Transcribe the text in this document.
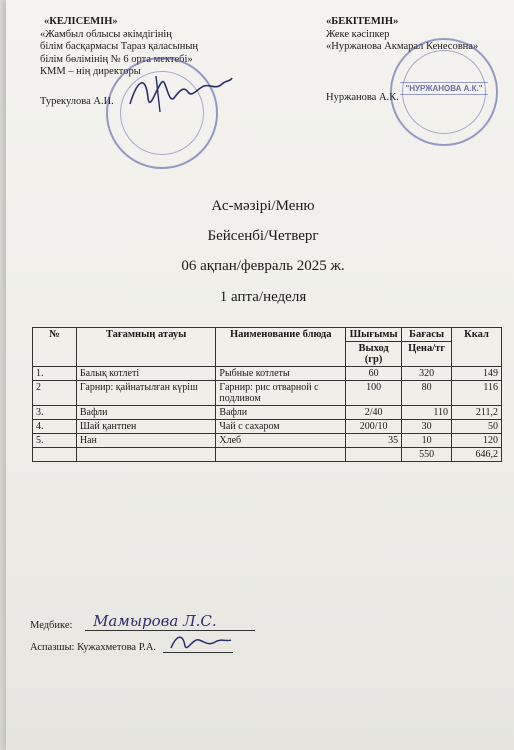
«КЕЛІСЕМІН»
«Жамбыл облысы әкімдігінің
білім басқармасы Тараз қаласының
білім бөлімінің № 6 орта мектебі»
КММ – нің директоры
Турекулова А.И.
«БЕКІТЕМІН»
Жеке кәсіпкер
«Нуржанова Акмарал Кенесовна»
Нуржанова А.К.
"НУРЖАНОВА А.К."
Ас-мәзірі/Меню
Бейсенбі/Четверг
06 ақпан/февраль 2025 ж.
1 апта/неделя
№	Тағамның атауы	Наименование блюда	Шығымы	Бағасы	Ккал
			Выход (гр)	Цена/тг	
1.	Балық котлеті	Рыбные котлеты	60	320	149
2	Гарнир: қайнатылған күріш	Гарнир: рис отварной с подливом	100	80	116
3.	Вафли	Вафли	2/40	110	211,2
4.	Шай қантпен	Чай с сахаром	200/10	30	50
5.	Нан	Хлеб	35	10	120
				550	646,2
Медбике: Мамырова Л.С.
Аспазшы: Кужахметова Р.А.
